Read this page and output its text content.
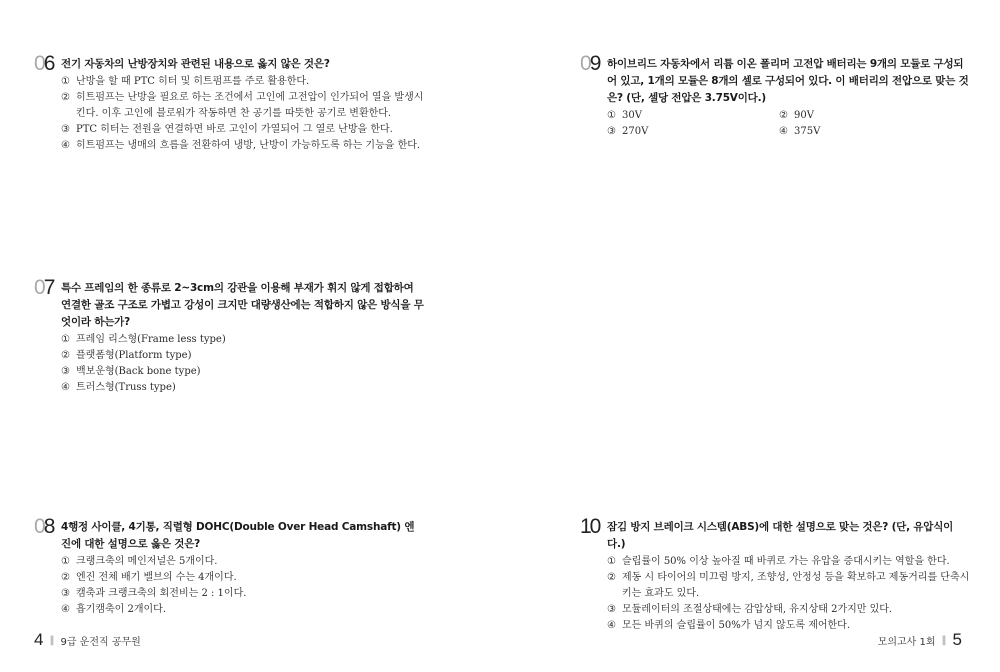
06 전기 자동차의 난방장치와 관련된 내용으로 옳지 않은 것은?
① 난방을 할 때 PTC 히터 및 히트펌프를 주로 활용한다.
② 히트펌프는 난방을 필요로 하는 조건에서 고인에 고전압이 인가되어 열을 발생시킨다. 이후 고인에 블로워가 작동하면 찬 공기를 따뜻한 공기로 변환한다.
③ PTC 히터는 전원을 연결하면 바로 고인이 가열되어 그 열로 난방을 한다.
④ 히트펌프는 냉매의 흐름을 전환하여 냉방, 난방이 가능하도록 하는 기능을 한다.
07 특수 프레임의 한 종류로 2~3cm의 강관을 이용해 부재가 휘지 않게 접합하여 연결한 골조 구조로 가볍고 강성이 크지만 대량생산에는 적합하지 않은 방식을 무엇이라 하는가?
① 프레임 리스형(Frame less type)
② 플랫폼형(Platform type)
③ 백보운형(Back bone type)
④ 트러스형(Truss type)
08 4행정 사이클, 4기통, 직렬형 DOHC(Double Over Head Camshaft) 엔진에 대한 설명으로 옳은 것은?
① 크랭크축의 메인저널은 5개이다.
② 엔진 전체 배기 밸브의 수는 4개이다.
③ 캠축과 크랭크축의 회전비는 2 : 1이다.
④ 흡기캠축이 2개이다.
09 하이브리드 자동차에서 리튬 이온 폴리머 고전압 배터리는 9개의 모듈로 구성되어 있고, 1개의 모듈은 8개의 셀로 구성되어 있다. 이 배터리의 전압으로 맞는 것은? (단, 셀당 전압은 3.75V이다.)
① 30V	② 90V
③ 270V	④ 375V
10 잠김 방지 브레이크 시스템(ABS)에 대한 설명으로 맞는 것은? (단, 유압식이다.)
① 슬립률이 50% 이상 높아질 때 바퀴로 가는 유압을 증대시키는 역할을 한다.
② 제동 시 타이어의 미끄럼 방지, 조향성, 안정성 등을 확보하고 제동거리를 단축시키는 효과도 있다.
③ 모듈레이터의 조절상태에는 감압상태, 유지상태 2가지만 있다.
④ 모든 바퀴의 슬립률이 50%가 넘지 않도록 제어한다.
4 ‖ 9급 운전직 공무원	모의고사 1회 ‖ 5
